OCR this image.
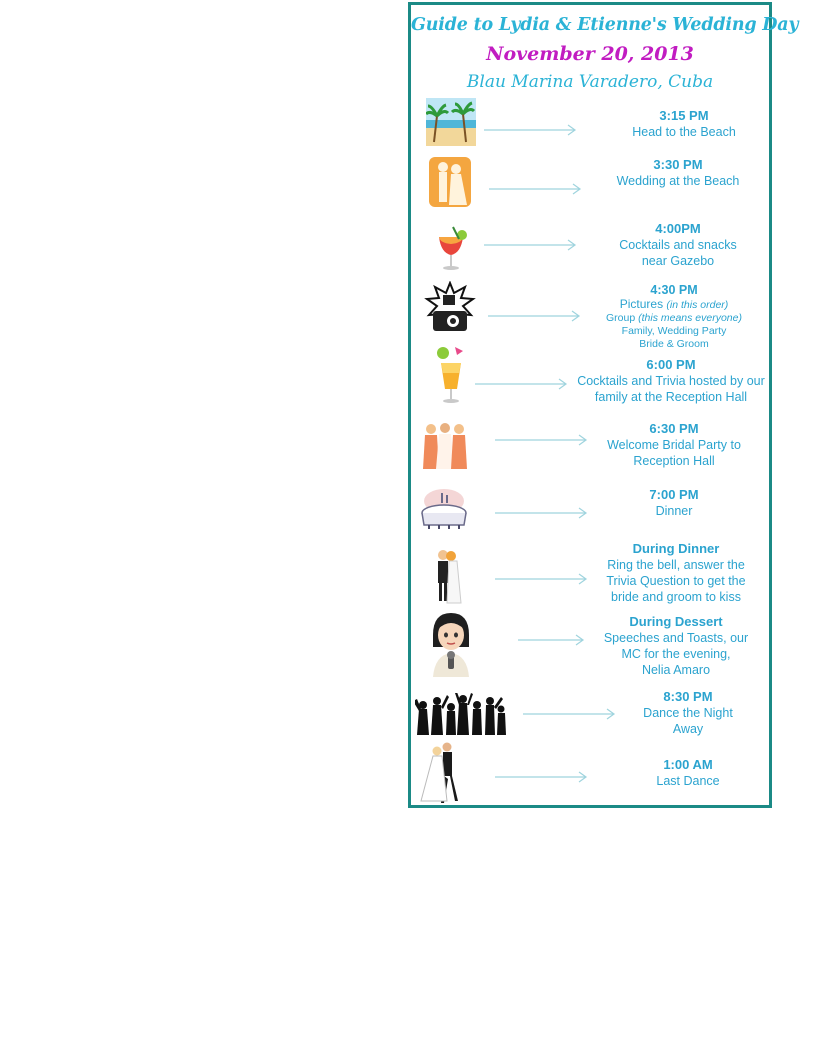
Guide to Lydia & Etienne's Wedding Day
November 20, 2013
Blau Marina Varadero, Cuba
3:15 PM
Head to the Beach
3:30 PM
Wedding at the Beach
4:00PM
Cocktails and snacks
near Gazebo
4:30 PM
Pictures (in this order)
Group (this means everyone)
Family, Wedding Party
Bride & Groom
6:00 PM
Cocktails and Trivia hosted by our
family at the Reception Hall
6:30 PM
Welcome Bridal Party to
Reception Hall
7:00 PM
Dinner
During Dinner
Ring the bell, answer the
Trivia Question to get the
bride and groom to kiss
During Dessert
Speeches and Toasts, our
MC for the evening,
Nelia Amaro
8:30 PM
Dance the Night
Away
1:00 AM
Last Dance
